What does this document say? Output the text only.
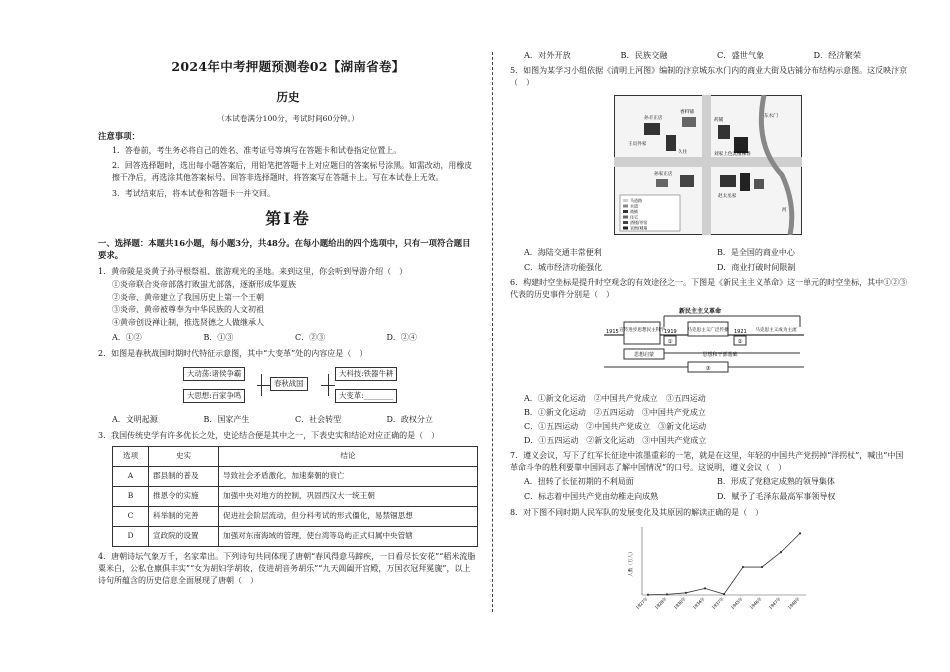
2024年中考押题预测卷02【湖南省卷】
历史
（本试卷满分100分，考试时间60分钟。）
注意事项：
1．答卷前，考生务必将自己的姓名、准考证号等填写在答题卡和试卷指定位置上。
2．回答选择题时，选出每小题答案后，用铅笔把答题卡上对应题目的答案标号涂黑。如需改动，用橡皮擦干净后，再选涂其他答案标号。回答非选择题时，将答案写在答题卡上。写在本试卷上无效。
3．考试结束后，将本试卷和答题卡一并交回。
第Ⅰ卷
一、选择题：本题共16小题，每小题3分，共48分。在每小题给出的四个选项中，只有一项符合题目要求。
1．黄帝陵是炎黄子孙寻根祭祖、旅游观光的圣地。来到这里，你会听到导游介绍（　）
①炎帝联合炎帝部落打败蚩尤部落，逐渐形成华夏族
②炎帝、黄帝建立了我国历史上第一个王朝
③炎帝、黄帝被尊奉为中华民族的人文初祖
④黄帝创设禅让制，推选贤德之人做继承人
A．①②	B．①③	C．②③	D．②④
2．如图是春秋战国时期时代特征示意图，其中“大变革”处的内容应是（　）
大动荡:诸侯争霸
大思想:百家争鸣
春秋战国
大科技:铁器牛耕
大变革:________
A．文明起源	B．国家产生	C．社会转型	D．政权分立
3．我国传统史学有许多优长之处，史论结合便是其中之一，下表史实和结论对应正确的是（　）
选项	史实	结论
A	郡县制的普及	导致社会矛盾激化，加速秦朝的衰亡
B	推恩令的实施	加强中央对地方的控制，巩固西汉大一统王朝
C	科举制的完善	促进社会阶层流动，但分科考试的形式僵化，易禁锢思想
D	宣政院的设置	加强对东南海域的管理，使台湾等岛屿正式归属中央管辖
4．唐朝诗坛气象万千，名家辈出。下列诗句共同体现了唐朝“春风得意马蹄疾，一日看尽长安花”“稻米流脂粟米白，公私仓廪俱丰实”“女为胡妇学胡妆，伎进胡音务胡乐”“九天阊阖开宫殿，万国衣冠拜冕旒”，以上诗句所蕴含的历史信息全面展现了唐朝（　）
A．对外开放	B．民族交融	C．盛世气象	D．经济繁荣
5．如图为某学习小组依据《清明上河图》编制的汴京城东水门内的商业大街及店铺分布结构示意图。这反映汴京（　）
孙羊正店
香料铺
药铺
王员外家
久住
赵太丞家
刘家上色沉檀楝香
孙家正店
东水门
河
马道路
水道
商铺
住宅
酒楼/茶馆
官衙/城墙
A．海陆交通丰常便利	B．是全国的商业中心
C．城市经济功能强化	D．商业打破时间限制
6．构建时空坐标是提升时空观念的有效途径之一。下图是《新民主主义革命》这一单元的时空坐标，其中①②③代表的历史事件分别是（　）
新民主主义革命
1915	1919	1921
宣传进步思想民主科学
①
马克思主义广泛传播
②
马克思主义成为主流
思想启蒙	思想和干部基础
③
A．①新文化运动　②中国共产党成立　③五四运动
B．①新文化运动　②五四运动　③中国共产党成立
C．①五四运动　②中国共产党成立　③新文化运动
D．①五四运动　②新文化运动　③中国共产党成立
7．遵义会议，写下了红军长征途中浓墨重彩的一笔，就是在这里，年轻的中国共产党拐掉“洋拐杖”，喊出“中国革命斗争的胜利要靠中国同志了解中国情况”的口号。这说明，遵义会议（　）
A．扭转了长征初期的不利局面	B．形成了党稳定成熟的领导集体
C．标志着中国共产党由幼稚走向成熟	D．赋予了毛泽东最高军事领导权
8．对下图不同时期人民军队的发展变化及其原因的解读正确的是（　）
人数（万人）
1927年 1928年 1930年 1934年 1937年 1945年 1946年 1947年 1948年
